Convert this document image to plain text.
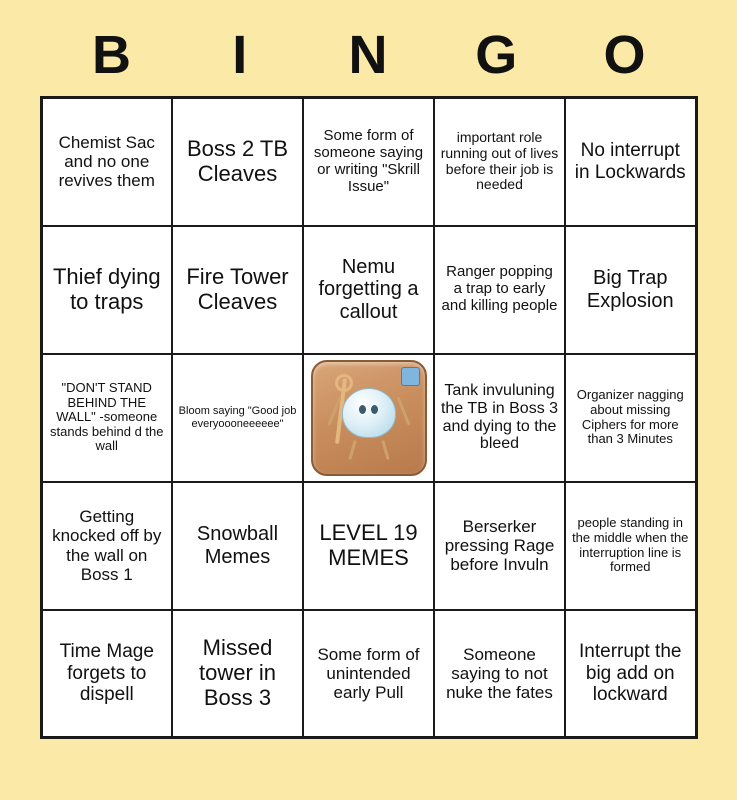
B	I	N	G	O
Chemist Sac and no one revives them	Boss 2 TB Cleaves	Some form of someone saying or writing "Skrill Issue"	important role running out of lives before their job is needed	No interrupt in Lockwards
Thief dying to traps	Fire Tower Cleaves	Nemu forgetting a callout	Ranger popping a trap to early and killing people	Big Trap Explosion
"DON'T STAND BEHIND THE WALL" -someone stands behind d the wall	Bloom saying "Good job everyoooneeeeee"		Tank invuluning the TB in Boss 3 and dying to the bleed	Organizer nagging about missing Ciphers for more than 3 Minutes
Getting knocked off by the wall on Boss 1	Snowball Memes	LEVEL 19 MEMES	Berserker pressing Rage before Invuln	people standing in the middle when the interruption line is formed
Time Mage forgets to dispell	Missed tower in Boss 3	Some form of unintended early Pull	Someone saying to not nuke the fates	Interrupt the big add on lockward
